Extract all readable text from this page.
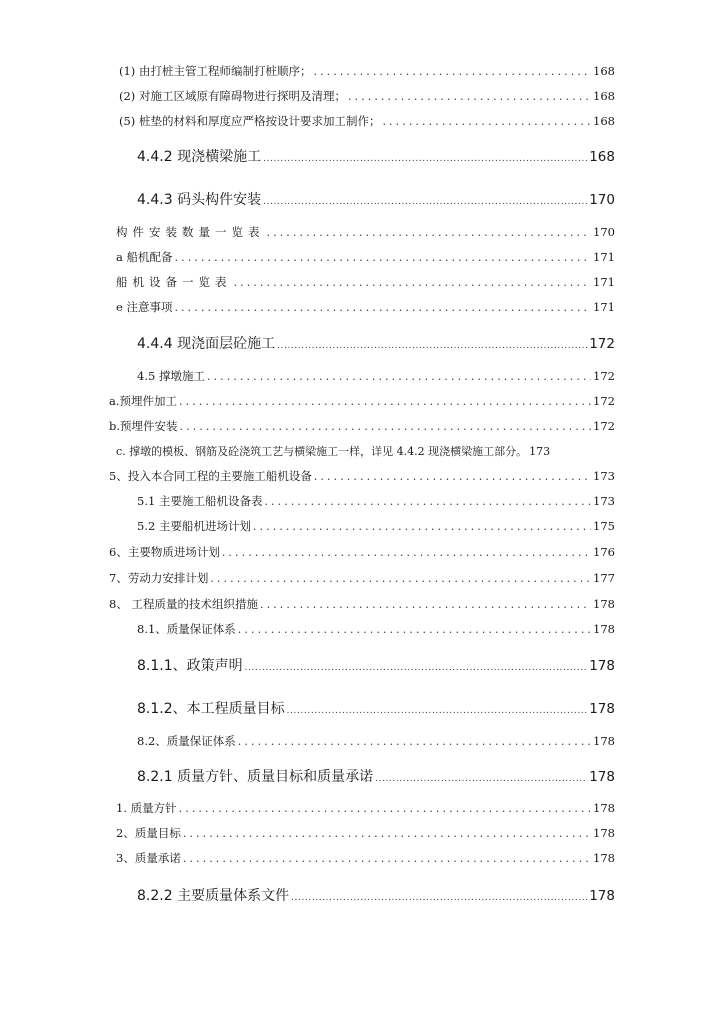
(1) 由打桩主管工程师编制打桩顺序； .....	168
(2) 对施工区域原有障碍物进行探明及清理； .....	168
(5) 桩垫的材料和厚度应严格按设计要求加工制作； .....	168
4.4.2 现浇横梁施工 .....	168
4.4.3 码头构件安装 .....	170
构件安装数量一览表 .....	170
a 船机配备 .....	171
船机设备一览表 .....	171
e 注意事项 .....	171
4.4.4 现浇面层砼施工 .....	172
4.5 撑墩施工 .....	172
a.预埋件加工 .....	172
b.预埋件安装 .....	172
c. 撑墩的模板、钢筋及砼浇筑工艺与横梁施工一样，详见 4.4.2 现浇横梁施工部分。 173
5、投入本合同工程的主要施工船机设备 .....	173
5.1 主要施工船机设备表 .....	173
5.2 主要船机进场计划 .....	175
6、主要物质进场计划 .....	176
7、劳动力安排计划 .....	177
8、 工程质量的技术组织措施 .....	178
8.1、质量保证体系 .....	178
8.1.1、政策声明 .....	178
8.1.2、本工程质量目标 .....	178
8.2、质量保证体系 .....	178
8.2.1 质量方针、质量目标和质量承诺 .....	178
1. 质量方针 .....	178
2、质量目标 .....	178
3、质量承诺 .....	178
8.2.2 主要质量体系文件 .....	178
